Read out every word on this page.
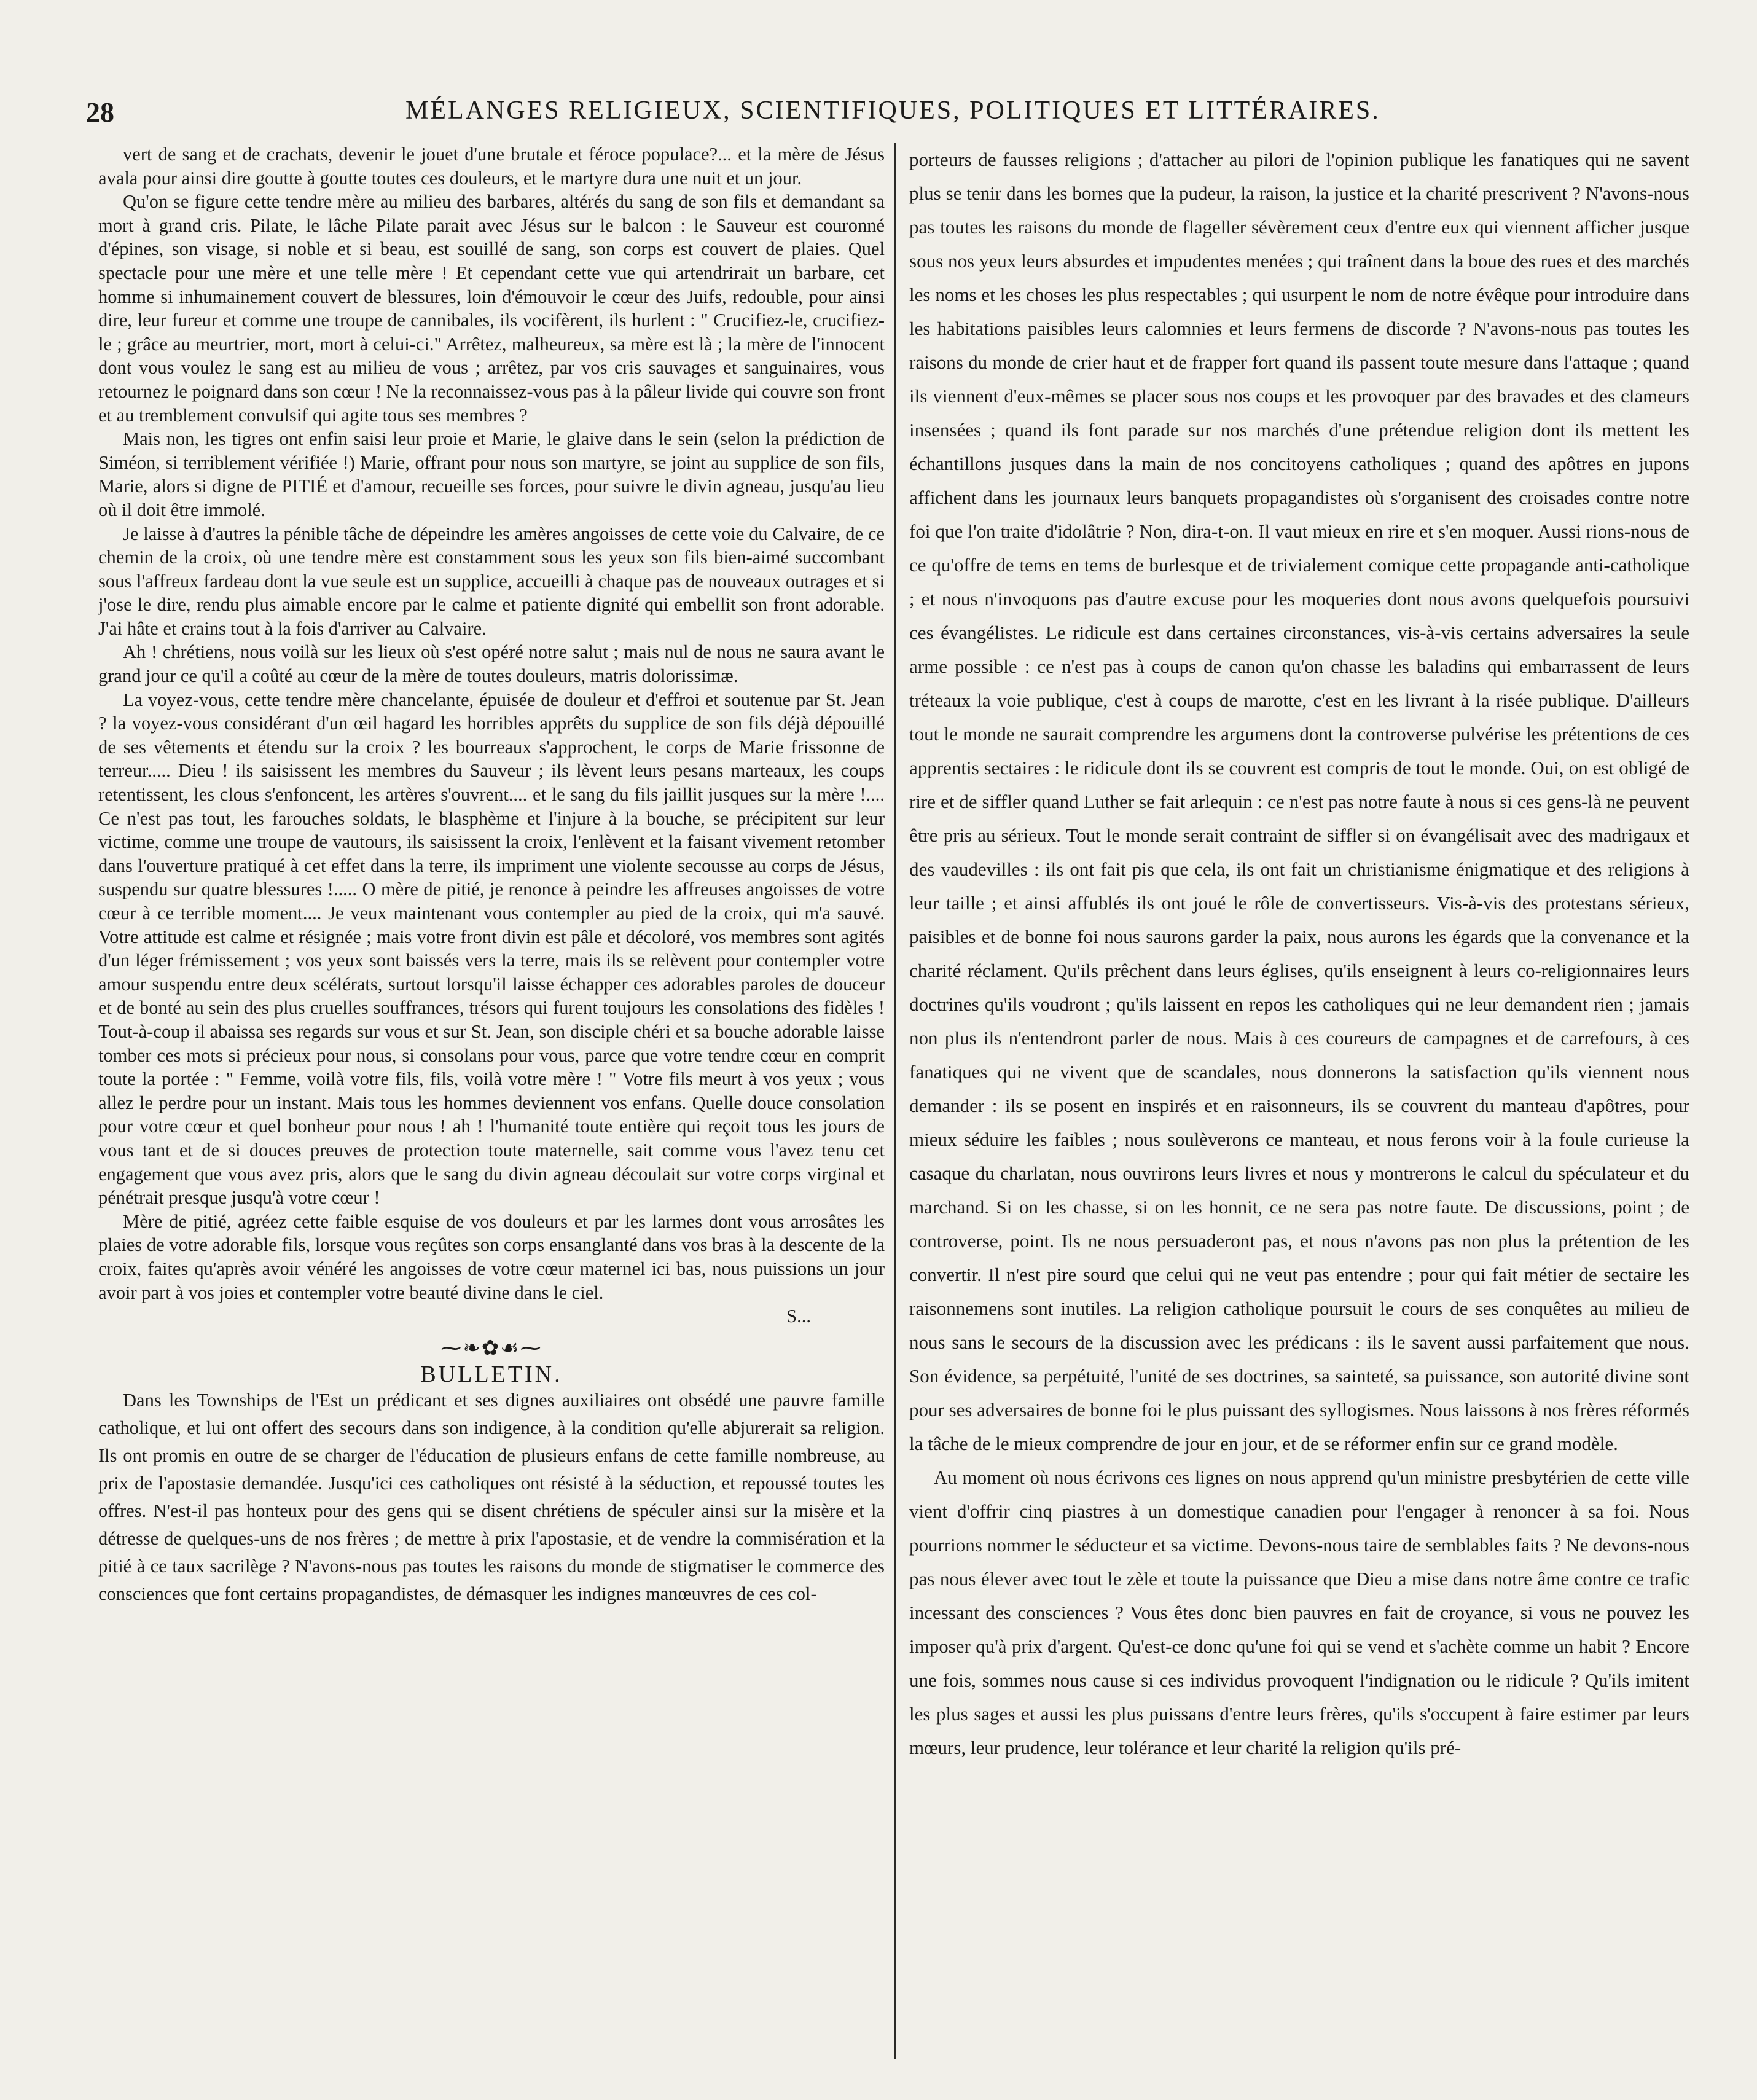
28	MÉLANGES RELIGIEUX, SCIENTIFIQUES, POLITIQUES ET LITTÉRAIRES.

vert de sang et de crachats, devenir le jouet d'une brutale et féroce populace?... et la mère de Jésus avala pour ainsi dire goutte à goutte toutes ces douleurs, et le martyre dura une nuit et un jour.

Qu'on se figure cette tendre mère au milieu des barbares, altérés du sang de son fils et demandant sa mort à grand cris. Pilate, le lâche Pilate parait avec Jésus sur le balcon : le Sauveur est couronné d'épines, son visage, si noble et si beau, est souillé de sang, son corps est couvert de plaies. Quel spectacle pour une mère et une telle mère ! Et cependant cette vue qui artendrirait un barbare, cet homme si inhumainement couvert de blessures, loin d'émouvoir le cœur des Juifs, redouble, pour ainsi dire, leur fureur et comme une troupe de cannibales, ils vocifèrent, ils hurlent : " Crucifiez-le, crucifiez-le ; grâce au meurtrier, mort, mort à celui-ci." Arrêtez, malheureux, sa mère est là ; la mère de l'innocent dont vous voulez le sang est au milieu de vous ; arrêtez, par vos cris sauvages et sanguinaires, vous retournez le poignard dans son cœur ! Ne la reconnaissez-vous pas à la pâleur livide qui couvre son front et au tremblement convulsif qui agite tous ses membres ?

Mais non, les tigres ont enfin saisi leur proie et Marie, le glaive dans le sein (selon la prédiction de Siméon, si terriblement vérifiée !) Marie, offrant pour nous son martyre, se joint au supplice de son fils, Marie, alors si digne de PITIÉ et d'amour, recueille ses forces, pour suivre le divin agneau, jusqu'au lieu où il doit être immolé.

Je laisse à d'autres la pénible tâche de dépeindre les amères angoisses de cette voie du Calvaire, de ce chemin de la croix, où une tendre mère est constamment sous les yeux son fils bien-aimé succombant sous l'affreux fardeau dont la vue seule est un supplice, accueilli à chaque pas de nouveaux outrages et si j'ose le dire, rendu plus aimable encore par le calme et patiente dignité qui embellit son front adorable. J'ai hâte et crains tout à la fois d'arriver au Calvaire.

Ah ! chrétiens, nous voilà sur les lieux où s'est opéré notre salut ; mais nul de nous ne saura avant le grand jour ce qu'il a coûté au cœur de la mère de toutes douleurs, matris dolorissimæ.

La voyez-vous, cette tendre mère chancelante, épuisée de douleur et d'effroi et soutenue par St. Jean ? la voyez-vous considérant d'un œil hagard les horribles apprêts du supplice de son fils déjà dépouillé de ses vêtements et étendu sur la croix ? les bourreaux s'approchent, le corps de Marie frissonne de terreur..... Dieu ! ils saisissent les membres du Sauveur ; ils lèvent leurs pesans marteaux, les coups retentissent, les clous s'enfoncent, les artères s'ouvrent.... et le sang du fils jaillit jusques sur la mère !.... Ce n'est pas tout, les farouches soldats, le blasphème et l'injure à la bouche, se précipitent sur leur victime, comme une troupe de vautours, ils saisissent la croix, l'enlèvent et la faisant vivement retomber dans l'ouverture pratiqué à cet effet dans la terre, ils impriment une violente secousse au corps de Jésus, suspendu sur quatre blessures !..... O mère de pitié, je renonce à peindre les affreuses angoisses de votre cœur à ce terrible moment.... Je veux maintenant vous contempler au pied de la croix, qui m'a sauvé. Votre attitude est calme et résignée ; mais votre front divin est pâle et décoloré, vos membres sont agités d'un léger frémissement ; vos yeux sont baissés vers la terre, mais ils se relèvent pour contempler votre amour suspendu entre deux scélérats, surtout lorsqu'il laisse échapper ces adorables paroles de douceur et de bonté au sein des plus cruelles souffrances, trésors qui furent toujours les consolations des fidèles ! Tout-à-coup il abaissa ses regards sur vous et sur St. Jean, son disciple chéri et sa bouche adorable laisse tomber ces mots si précieux pour nous, si consolans pour vous, parce que votre tendre cœur en comprit toute la portée : " Femme, voilà votre fils, fils, voilà votre mère ! " Votre fils meurt à vos yeux ; vous allez le perdre pour un instant. Mais tous les hommes deviennent vos enfans. Quelle douce consolation pour votre cœur et quel bonheur pour nous ! ah ! l'humanité toute entière qui reçoit tous les jours de vous tant et de si douces preuves de protection toute maternelle, sait comme vous l'avez tenu cet engagement que vous avez pris, alors que le sang du divin agneau découlait sur votre corps virginal et pénétrait presque jusqu'à votre cœur !

Mère de pitié, agréez cette faible esquise de vos douleurs et par les larmes dont vous arrosâtes les plaies de votre adorable fils, lorsque vous reçûtes son corps ensanglanté dans vos bras à la descente de la croix, faites qu'après avoir vénéré les angoisses de votre cœur maternel ici bas, nous puissions un jour avoir part à vos joies et contempler votre beauté divine dans le ciel.

S...

⁓❧✿☙⁓

BULLETIN.

Dans les Townships de l'Est un prédicant et ses dignes auxiliaires ont obsédé une pauvre famille catholique, et lui ont offert des secours dans son indigence, à la condition qu'elle abjurerait sa religion. Ils ont promis en outre de se charger de l'éducation de plusieurs enfans de cette famille nombreuse, au prix de l'apostasie demandée. Jusqu'ici ces catholiques ont résisté à la séduction, et repoussé toutes les offres. N'est-il pas honteux pour des gens qui se disent chrétiens de spéculer ainsi sur la misère et la détresse de quelques-uns de nos frères ; de mettre à prix l'apostasie, et de vendre la commisération et la pitié à ce taux sacrilège ? N'avons-nous pas toutes les raisons du monde de stigmatiser le commerce des consciences que font certains propagandistes, de démasquer les indignes manœuvres de ces col-

porteurs de fausses religions ; d'attacher au pilori de l'opinion publique les fanatiques qui ne savent plus se tenir dans les bornes que la pudeur, la raison, la justice et la charité prescrivent ? N'avons-nous pas toutes les raisons du monde de flageller sévèrement ceux d'entre eux qui viennent afficher jusque sous nos yeux leurs absurdes et impudentes menées ; qui traînent dans la boue des rues et des marchés les noms et les choses les plus respectables ; qui usurpent le nom de notre évêque pour introduire dans les habitations paisibles leurs calomnies et leurs fermens de discorde ? N'avons-nous pas toutes les raisons du monde de crier haut et de frapper fort quand ils passent toute mesure dans l'attaque ; quand ils viennent d'eux-mêmes se placer sous nos coups et les provoquer par des bravades et des clameurs insensées ; quand ils font parade sur nos marchés d'une prétendue religion dont ils mettent les échantillons jusques dans la main de nos concitoyens catholiques ; quand des apôtres en jupons affichent dans les journaux leurs banquets propagandistes où s'organisent des croisades contre notre foi que l'on traite d'idolâtrie ? Non, dira-t-on. Il vaut mieux en rire et s'en moquer. Aussi rions-nous de ce qu'offre de tems en tems de burlesque et de trivialement comique cette propagande anti-catholique ; et nous n'invoquons pas d'autre excuse pour les moqueries dont nous avons quelquefois poursuivi ces évangélistes. Le ridicule est dans certaines circonstances, vis-à-vis certains adversaires la seule arme possible : ce n'est pas à coups de canon qu'on chasse les baladins qui embarrassent de leurs tréteaux la voie publique, c'est à coups de marotte, c'est en les livrant à la risée publique. D'ailleurs tout le monde ne saurait comprendre les argumens dont la controverse pulvérise les prétentions de ces apprentis sectaires : le ridicule dont ils se couvrent est compris de tout le monde. Oui, on est obligé de rire et de siffler quand Luther se fait arlequin : ce n'est pas notre faute à nous si ces gens-là ne peuvent être pris au sérieux. Tout le monde serait contraint de siffler si on évangélisait avec des madrigaux et des vaudevilles : ils ont fait pis que cela, ils ont fait un christianisme énigmatique et des religions à leur taille ; et ainsi affublés ils ont joué le rôle de convertisseurs. Vis-à-vis des protestans sérieux, paisibles et de bonne foi nous saurons garder la paix, nous aurons les égards que la convenance et la charité réclament. Qu'ils prêchent dans leurs églises, qu'ils enseignent à leurs co-religionnaires leurs doctrines qu'ils voudront ; qu'ils laissent en repos les catholiques qui ne leur demandent rien ; jamais non plus ils n'entendront parler de nous. Mais à ces coureurs de campagnes et de carrefours, à ces fanatiques qui ne vivent que de scandales, nous donnerons la satisfaction qu'ils viennent nous demander : ils se posent en inspirés et en raisonneurs, ils se couvrent du manteau d'apôtres, pour mieux séduire les faibles ; nous soulèverons ce manteau, et nous ferons voir à la foule curieuse la casaque du charlatan, nous ouvrirons leurs livres et nous y montrerons le calcul du spéculateur et du marchand. Si on les chasse, si on les honnit, ce ne sera pas notre faute. De discussions, point ; de controverse, point. Ils ne nous persuaderont pas, et nous n'avons pas non plus la prétention de les convertir. Il n'est pire sourd que celui qui ne veut pas entendre ; pour qui fait métier de sectaire les raisonnemens sont inutiles. La religion catholique poursuit le cours de ses conquêtes au milieu de nous sans le secours de la discussion avec les prédicans : ils le savent aussi parfaitement que nous. Son évidence, sa perpétuité, l'unité de ses doctrines, sa sainteté, sa puissance, son autorité divine sont pour ses adversaires de bonne foi le plus puissant des syllogismes. Nous laissons à nos frères réformés la tâche de le mieux comprendre de jour en jour, et de se réformer enfin sur ce grand modèle.

Au moment où nous écrivons ces lignes on nous apprend qu'un ministre presbytérien de cette ville vient d'offrir cinq piastres à un domestique canadien pour l'engager à renoncer à sa foi. Nous pourrions nommer le séducteur et sa victime. Devons-nous taire de semblables faits ? Ne devons-nous pas nous élever avec tout le zèle et toute la puissance que Dieu a mise dans notre âme contre ce trafic incessant des consciences ? Vous êtes donc bien pauvres en fait de croyance, si vous ne pouvez les imposer qu'à prix d'argent. Qu'est-ce donc qu'une foi qui se vend et s'achète comme un habit ? Encore une fois, sommes nous cause si ces individus provoquent l'indignation ou le ridicule ? Qu'ils imitent les plus sages et aussi les plus puissans d'entre leurs frères, qu'ils s'occupent à faire estimer par leurs mœurs, leur prudence, leur tolérance et leur charité la religion qu'ils pré-
